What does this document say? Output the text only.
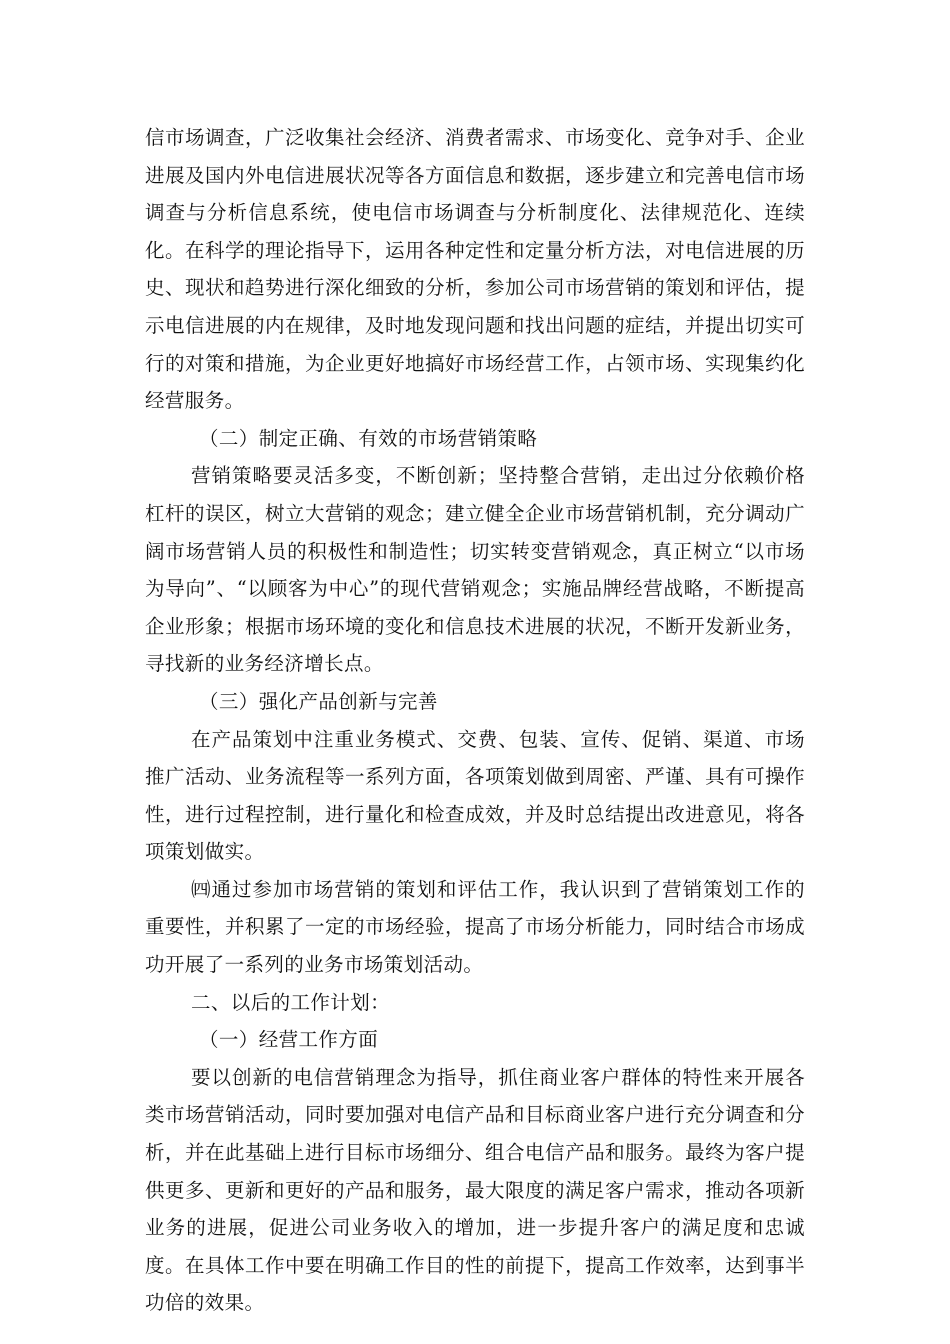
信市场调查，广泛收集社会经济、消费者需求、市场变化、竞争对手、企业进展及国内外电信进展状况等各方面信息和数据，逐步建立和完善电信市场调查与分析信息系统，使电信市场调查与分析制度化、法律规范化、连续化。在科学的理论指导下，运用各种定性和定量分析方法，对电信进展的历史、现状和趋势进行深化细致的分析，参加公司市场营销的策划和评估，提示电信进展的内在规律，及时地发现问题和找出问题的症结，并提出切实可行的对策和措施，为企业更好地搞好市场经营工作，占领市场、实现集约化经营服务。

（二）制定正确、有效的市场营销策略

营销策略要灵活多变，不断创新；坚持整合营销，走出过分依赖价格杠杆的误区，树立大营销的观念；建立健全企业市场营销机制，充分调动广阔市场营销人员的积极性和制造性；切实转变营销观念，真正树立“以市场为导向”、“以顾客为中心”的现代营销观念；实施品牌经营战略，不断提高企业形象；根据市场环境的变化和信息技术进展的状况，不断开发新业务，寻找新的业务经济增长点。

（三）强化产品创新与完善

在产品策划中注重业务模式、交费、包装、宣传、促销、渠道、市场推广活动、业务流程等一系列方面，各项策划做到周密、严谨、具有可操作性，进行过程控制，进行量化和检查成效，并及时总结提出改进意见，将各项策划做实。

㈣通过参加市场营销的策划和评估工作，我认识到了营销策划工作的重要性，并积累了一定的市场经验，提高了市场分析能力，同时结合市场成功开展了一系列的业务市场策划活动。

二、以后的工作计划：

（一）经营工作方面

要以创新的电信营销理念为指导，抓住商业客户群体的特性来开展各类市场营销活动，同时要加强对电信产品和目标商业客户进行充分调查和分析，并在此基础上进行目标市场细分、组合电信产品和服务。最终为客户提供更多、更新和更好的产品和服务，最大限度的满足客户需求，推动各项新业务的进展，促进公司业务收入的增加，进一步提升客户的满足度和忠诚度。在具体工作中要在明确工作目的性的前提下，提高工作效率，达到事半功倍的效果。
